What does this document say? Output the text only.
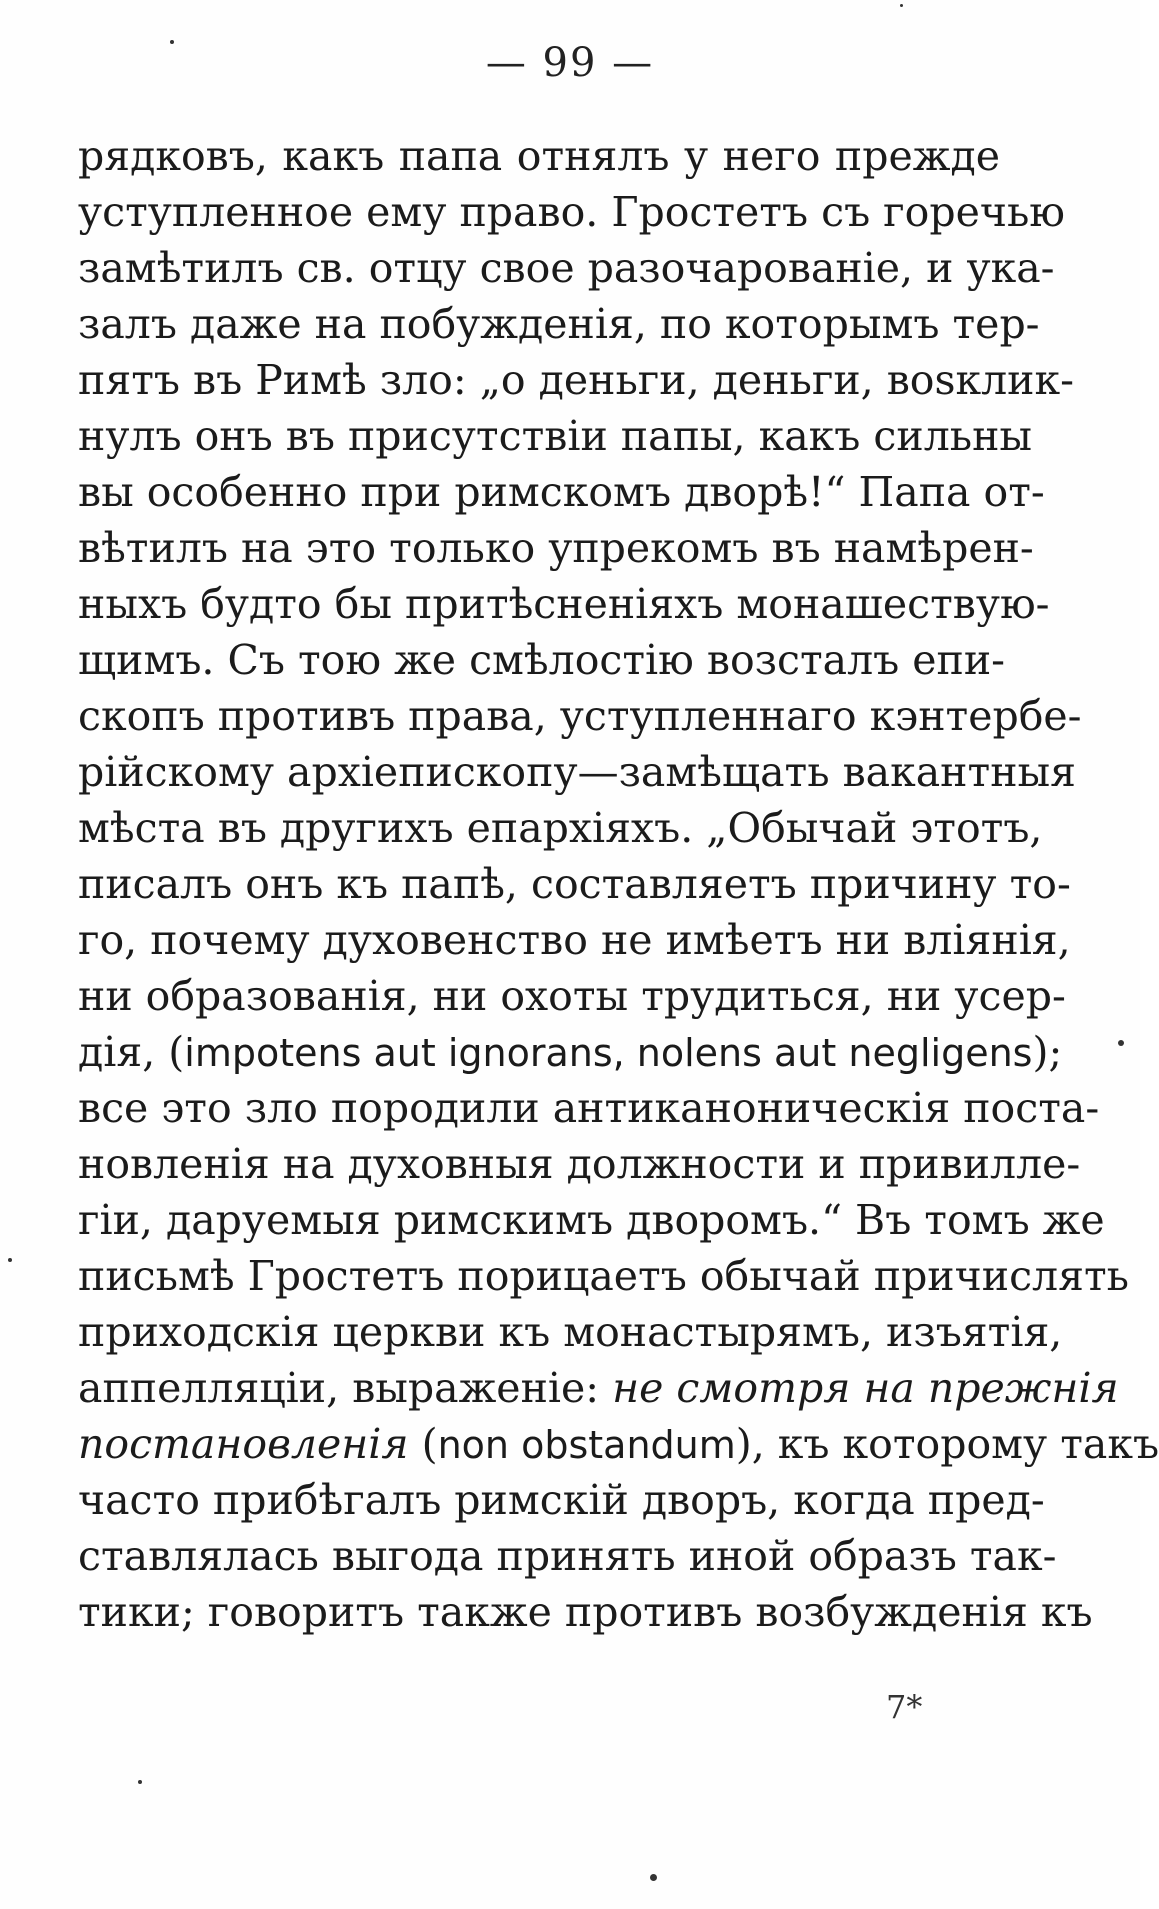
— 99 —
рядковъ, какъ папа отнялъ у него прежде
уступленное ему право. Гростетъ съ горечью
замѣтилъ св. отцу свое разочарованіе, и ука-
залъ даже на побужденія, по которымъ тер-
пятъ въ Римѣ зло: „о деньги, деньги, воsклик-
нулъ онъ въ присутствіи папы, какъ сильны
вы особенно при римскомъ дворѣ!“ Папа от-
вѣтилъ на это только упрекомъ въ намѣрен-
ныхъ будто бы притѣсненіяхъ монашествую-
щимъ. Съ тою же смѣлостію возсталъ епи-
скопъ противъ права, уступленнаго кэнтербе-
рійскому архіепископу—замѣщать вакантныя
мѣста въ другихъ епархіяхъ. „Обычай этотъ,
писалъ онъ къ папѣ, составляетъ причину то-
го, почему духовенство не имѣетъ ни вліянія,
ни образованія, ни охоты трудиться, ни усер-
дія, (impotens aut ignorans, nolens aut negligens);
все это зло породили антиканоническія поста-
новленія на духовныя должности и привилле-
гіи, даруемыя римскимъ дворомъ.“ Въ томъ же
письмѣ Гростетъ порицаетъ обычай причислять
приходскія церкви къ монастырямъ, изъятія,
аппелляціи, выраженіе: не смотря на прежнія
постановленія (non obstandum), къ которому такъ
часто прибѣгалъ римскій дворъ, когда пред-
ставлялась выгода принять иной образъ так-
тики; говоритъ также противъ возбужденія къ
7*
